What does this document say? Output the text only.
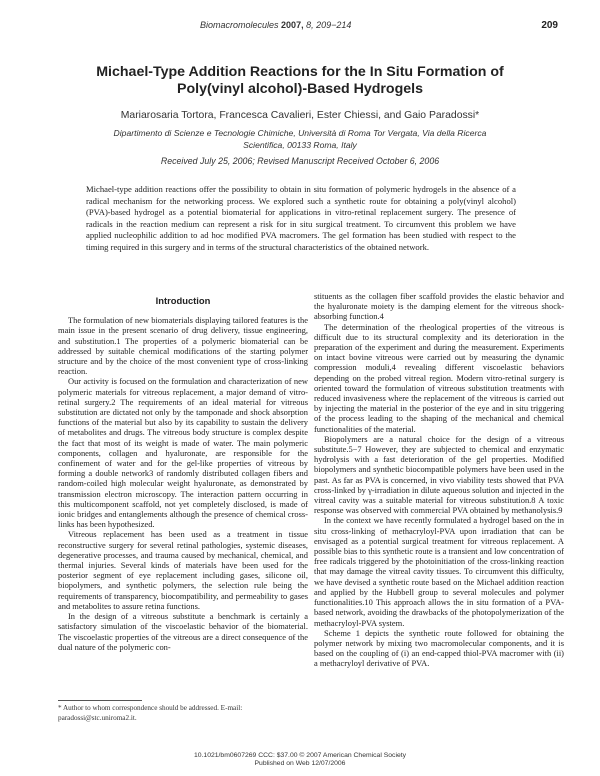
Biomacromolecules 2007, 8, 209−214	209
Michael-Type Addition Reactions for the In Situ Formation of
Poly(vinyl alcohol)-Based Hydrogels
Mariarosaria Tortora, Francesca Cavalieri, Ester Chiessi, and Gaio Paradossi*
Dipartimento di Scienze e Tecnologie Chimiche, Università di Roma Tor Vergata, Via della Ricerca
Scientifica, 00133 Roma, Italy
Received July 25, 2006; Revised Manuscript Received October 6, 2006
Michael-type addition reactions offer the possibility to obtain in situ formation of polymeric hydrogels in the absence of a radical mechanism for the networking process. We explored such a synthetic route for obtaining a poly(vinyl alcohol) (PVA)-based hydrogel as a potential biomaterial for applications in vitro-retinal replacement surgery. The presence of radicals in the reaction medium can represent a risk for in situ surgical treatment. To circumvent this problem we have applied nucleophilic addition to ad hoc modified PVA macromers. The gel formation has been studied with respect to the timing required in this surgery and in terms of the structural characteristics of the obtained network.
Introduction

The formulation of new biomaterials displaying tailored features is the main issue in the present scenario of drug delivery, tissue engineering, and substitution.1 The properties of a polymeric biomaterial can be addressed by suitable chemical modifications of the starting polymer structure and by the choice of the most convenient type of cross-linking reaction.

Our activity is focused on the formulation and characterization of new polymeric materials for vitreous replacement, a major demand of vitro-retinal surgery.2 The requirements of an ideal material for vitreous substitution are dictated not only by the tamponade and shock absorption functions of the material but also by its capability to sustain the delivery of metabolites and drugs. The vitreous body structure is complex despite the fact that most of its weight is made of water. The main polymeric components, collagen and hyaluronate, are responsible for the confinement of water and for the gel-like properties of vitreous by forming a double network3 of randomly distributed collagen fibers and random-coiled high molecular weight hyaluronate, as demonstrated by transmission electron microscopy. The interaction pattern occurring in this multicomponent scaffold, not yet completely disclosed, is made of ionic bridges and entanglements although the presence of chemical cross-links has been hypothesized.

Vitreous replacement has been used as a treatment in tissue reconstructive surgery for several retinal pathologies, systemic diseases, degenerative processes, and trauma caused by mechanical, chemical, and thermal injuries. Several kinds of materials have been used for the posterior segment of eye replacement including gases, silicone oil, biopolymers, and synthetic polymers, the selection rule being the requirements of transparency, biocompatibility, and permeability to gases and metabolites to assure retina functions.

In the design of a vitreous substitute a benchmark is certainly a satisfactory simulation of the viscoelastic behavior of the biomaterial. The viscoelastic properties of the vitreous are a direct consequence of the dual nature of the polymeric con-

stituents as the collagen fiber scaffold provides the elastic behavior and the hyaluronate moiety is the damping element for the vitreous shock-absorbing function.4

The determination of the rheological properties of the vitreous is difficult due to its structural complexity and its deterioration in the preparation of the experiment and during the measurement. Experiments on intact bovine vitreous were carried out by measuring the dynamic compression moduli,4 revealing different viscoelastic behaviors depending on the probed vitreal region. Modern vitro-retinal surgery is oriented toward the formulation of vitreous substitution treatments with reduced invasiveness where the replacement of the vitreous is carried out by injecting the material in the posterior of the eye and in situ triggering of the process leading to the shaping of the mechanical and chemical functionalities of the material.

Biopolymers are a natural choice for the design of a vitreous substitute.5−7 However, they are subjected to chemical and enzymatic hydrolysis with a fast deterioration of the gel properties. Modified biopolymers and synthetic biocompatible polymers have been used in the past. As far as PVA is concerned, in vivo viability tests showed that PVA cross-linked by γ-irradiation in dilute aqueous solution and injected in the vitreal cavity was a suitable material for vitreous substitution.8 A toxic response was observed with commercial PVA obtained by methanolysis.9

In the context we have recently formulated a hydrogel based on the in situ cross-linking of methacryloyl-PVA upon irradiation that can be envisaged as a potential surgical treatment for vitreous replacement. A possible bias to this synthetic route is a transient and low concentration of free radicals triggered by the photoinitiation of the cross-linking reaction that may damage the vitreal cavity tissues. To circumvent this difficulty, we have devised a synthetic route based on the Michael addition reaction and applied by the Hubbell group to several molecules and polymer functionalities.10 This approach allows the in situ formation of a PVA-based network, avoiding the drawbacks of the photopolymerization of the methacryloyl-PVA system.

Scheme 1 depicts the synthetic route followed for obtaining the polymer network by mixing two macromolecular components, and it is based on the coupling of (i) an end-capped thiol-PVA macromer with (ii) a methacryloyl derivative of PVA.

* Author to whom correspondence should be addressed. E-mail: paradossi@stc.uniroma2.it.
10.1021/bm0607269 CCC: $37.00 © 2007 American Chemical Society
Published on Web 12/07/2006
